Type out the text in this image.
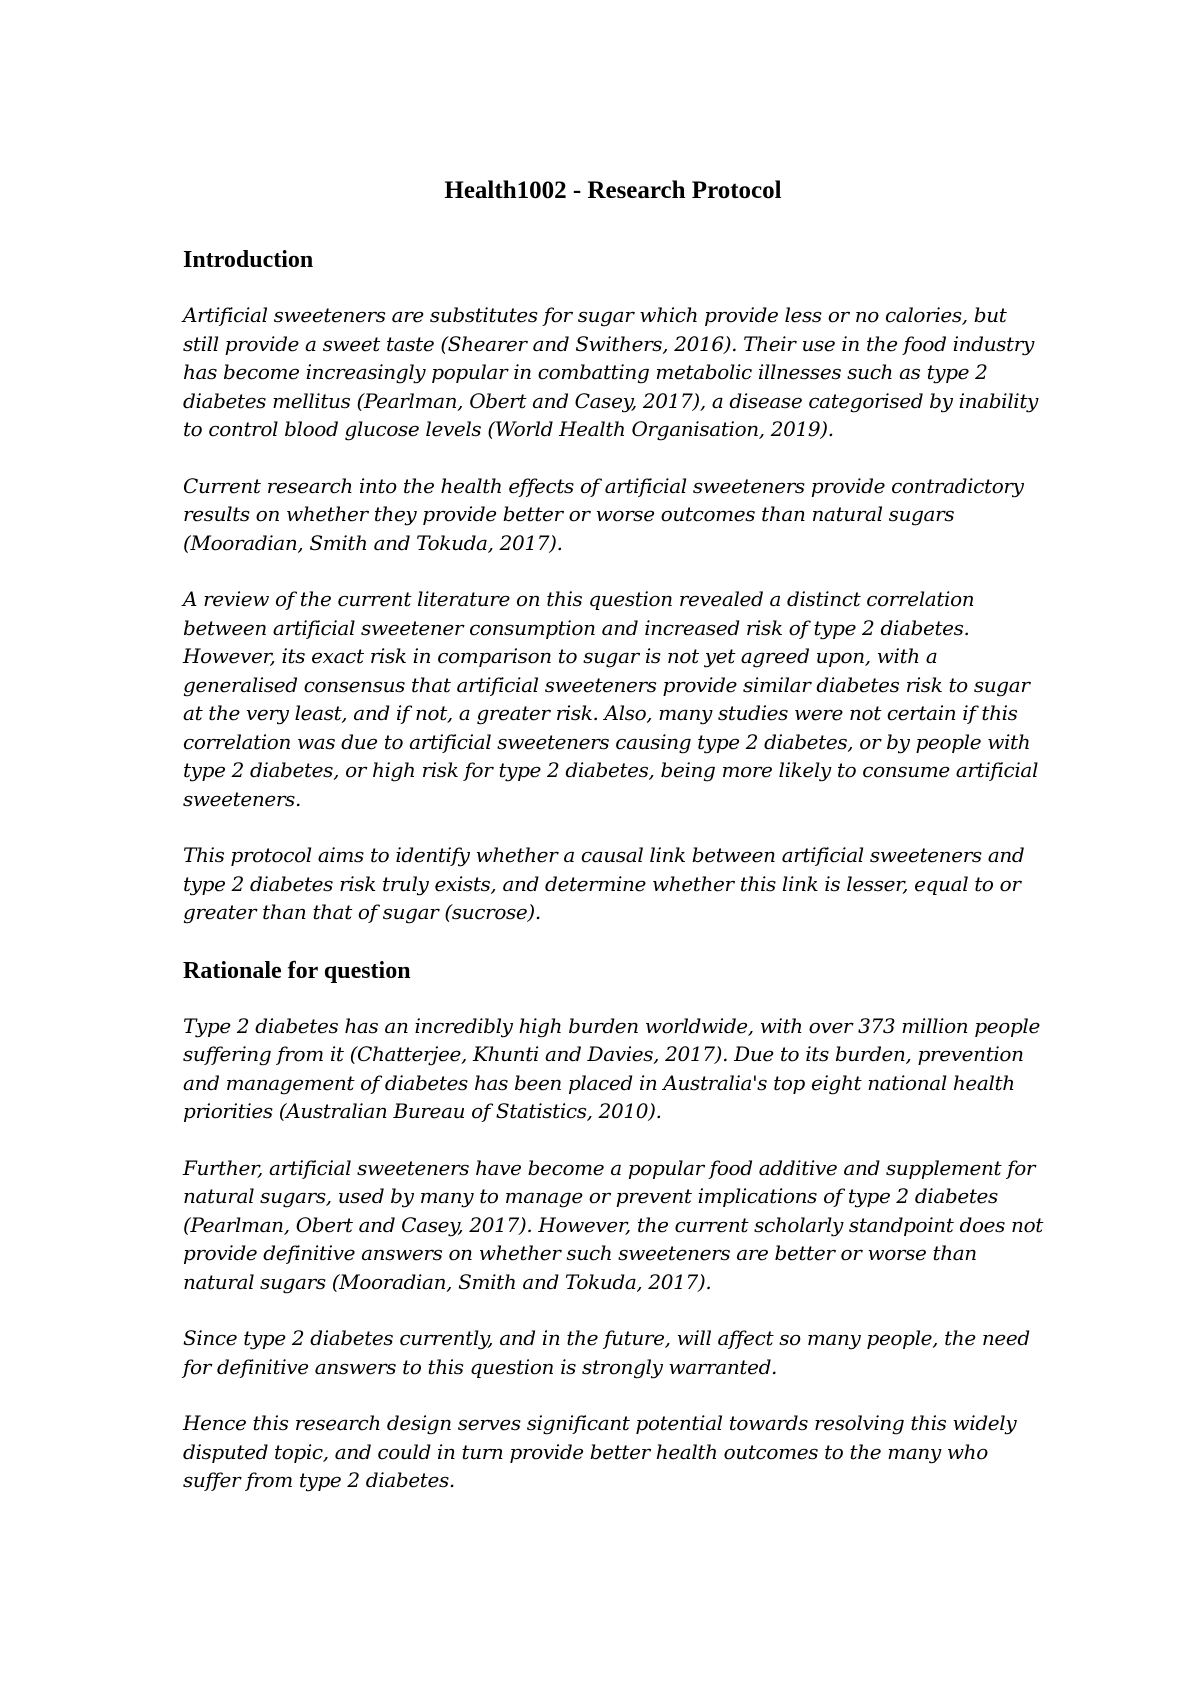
Health1002 - Research Protocol
Introduction

Artificial sweeteners are substitutes for sugar which provide less or no calories, but still provide a sweet taste (Shearer and Swithers, 2016). Their use in the food industry has become increasingly popular in combatting metabolic illnesses such as type 2 diabetes mellitus (Pearlman, Obert and Casey, 2017), a disease categorised by inability to control blood glucose levels (World Health Organisation, 2019).

Current research into the health effects of artificial sweeteners provide contradictory results on whether they provide better or worse outcomes than natural sugars (Mooradian, Smith and Tokuda, 2017).

A review of the current literature on this question revealed a distinct correlation between artificial sweetener consumption and increased risk of type 2 diabetes. However, its exact risk in comparison to sugar is not yet agreed upon, with a generalised consensus that artificial sweeteners provide similar diabetes risk to sugar at the very least, and if not, a greater risk. Also, many studies were not certain if this correlation was due to artificial sweeteners causing type 2 diabetes, or by people with type 2 diabetes, or high risk for type 2 diabetes, being more likely to consume artificial sweeteners.

This protocol aims to identify whether a causal link between artificial sweeteners and type 2 diabetes risk truly exists, and determine whether this link is lesser, equal to or greater than that of sugar (sucrose).

Rationale for question

Type 2 diabetes has an incredibly high burden worldwide, with over 373 million people suffering from it (Chatterjee, Khunti and Davies, 2017). Due to its burden, prevention and management of diabetes has been placed in Australia's top eight national health priorities (Australian Bureau of Statistics, 2010).

Further, artificial sweeteners have become a popular food additive and supplement for natural sugars, used by many to manage or prevent implications of type 2 diabetes (Pearlman, Obert and Casey, 2017). However, the current scholarly standpoint does not provide definitive answers on whether such sweeteners are better or worse than natural sugars (Mooradian, Smith and Tokuda, 2017).

Since type 2 diabetes currently, and in the future, will affect so many people, the need for definitive answers to this question is strongly warranted.

Hence this research design serves significant potential towards resolving this widely disputed topic, and could in turn provide better health outcomes to the many who suffer from type 2 diabetes.
